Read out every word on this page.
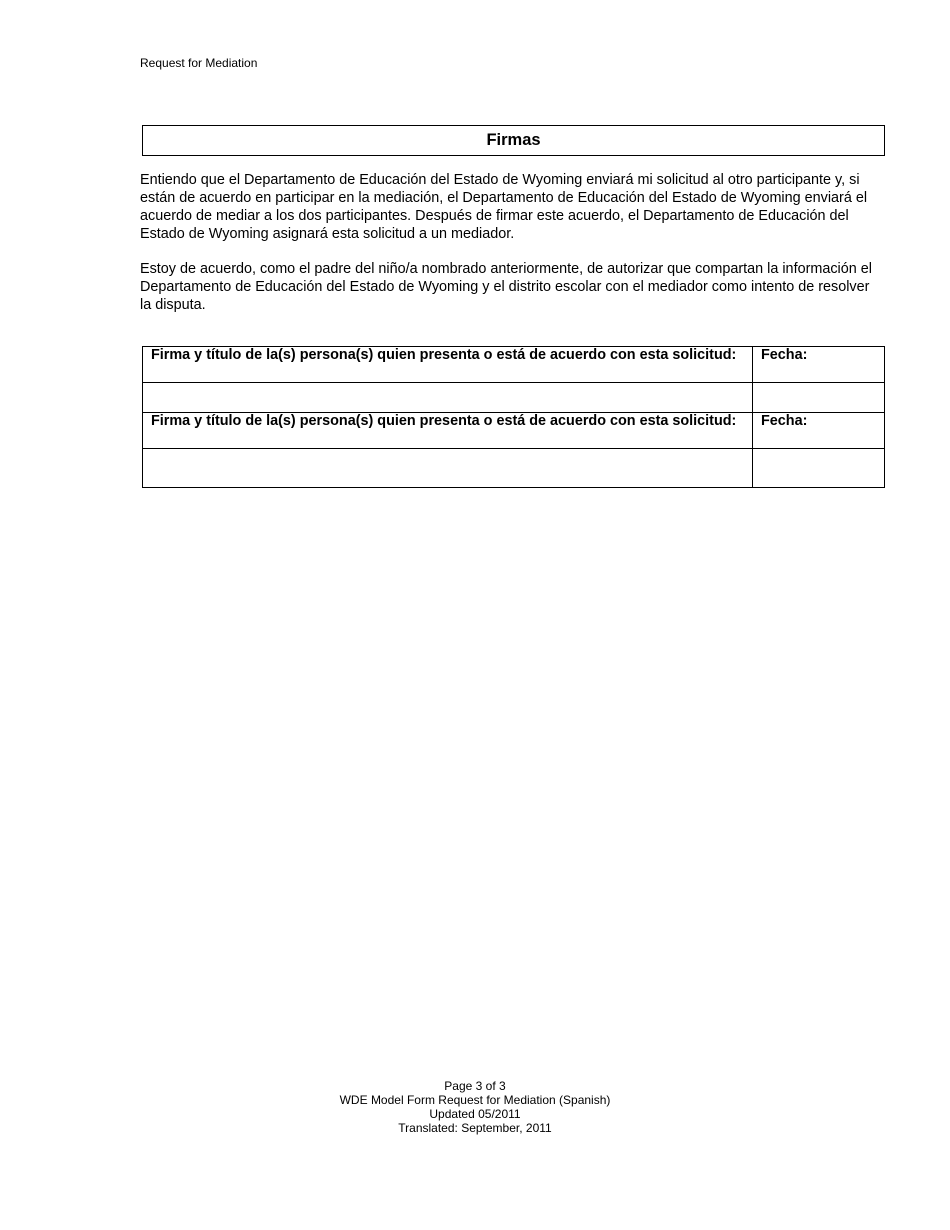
Request for Mediation
Firmas

Entiendo que el Departamento de Educación del Estado de Wyoming enviará mi solicitud al otro participante y, si están de acuerdo en participar en la mediación, el Departamento de Educación del Estado de Wyoming enviará el acuerdo de mediar a los dos participantes. Después de firmar este acuerdo, el Departamento de Educación del Estado de Wyoming asignará esta solicitud a un mediador.

Estoy de acuerdo, como el padre del niño/a nombrado anteriormente, de autorizar que compartan la información el Departamento de Educación del Estado de Wyoming y el distrito escolar con el mediador como intento de resolver la disputa.

Firma y título de la(s) persona(s) quien presenta o está de acuerdo con esta solicitud:	Fecha:

Firma y título de la(s) persona(s) quien presenta o está de acuerdo con esta solicitud:	Fecha:

Page 3 of 3
WDE Model Form Request for Mediation (Spanish)
Updated 05/2011
Translated: September, 2011
